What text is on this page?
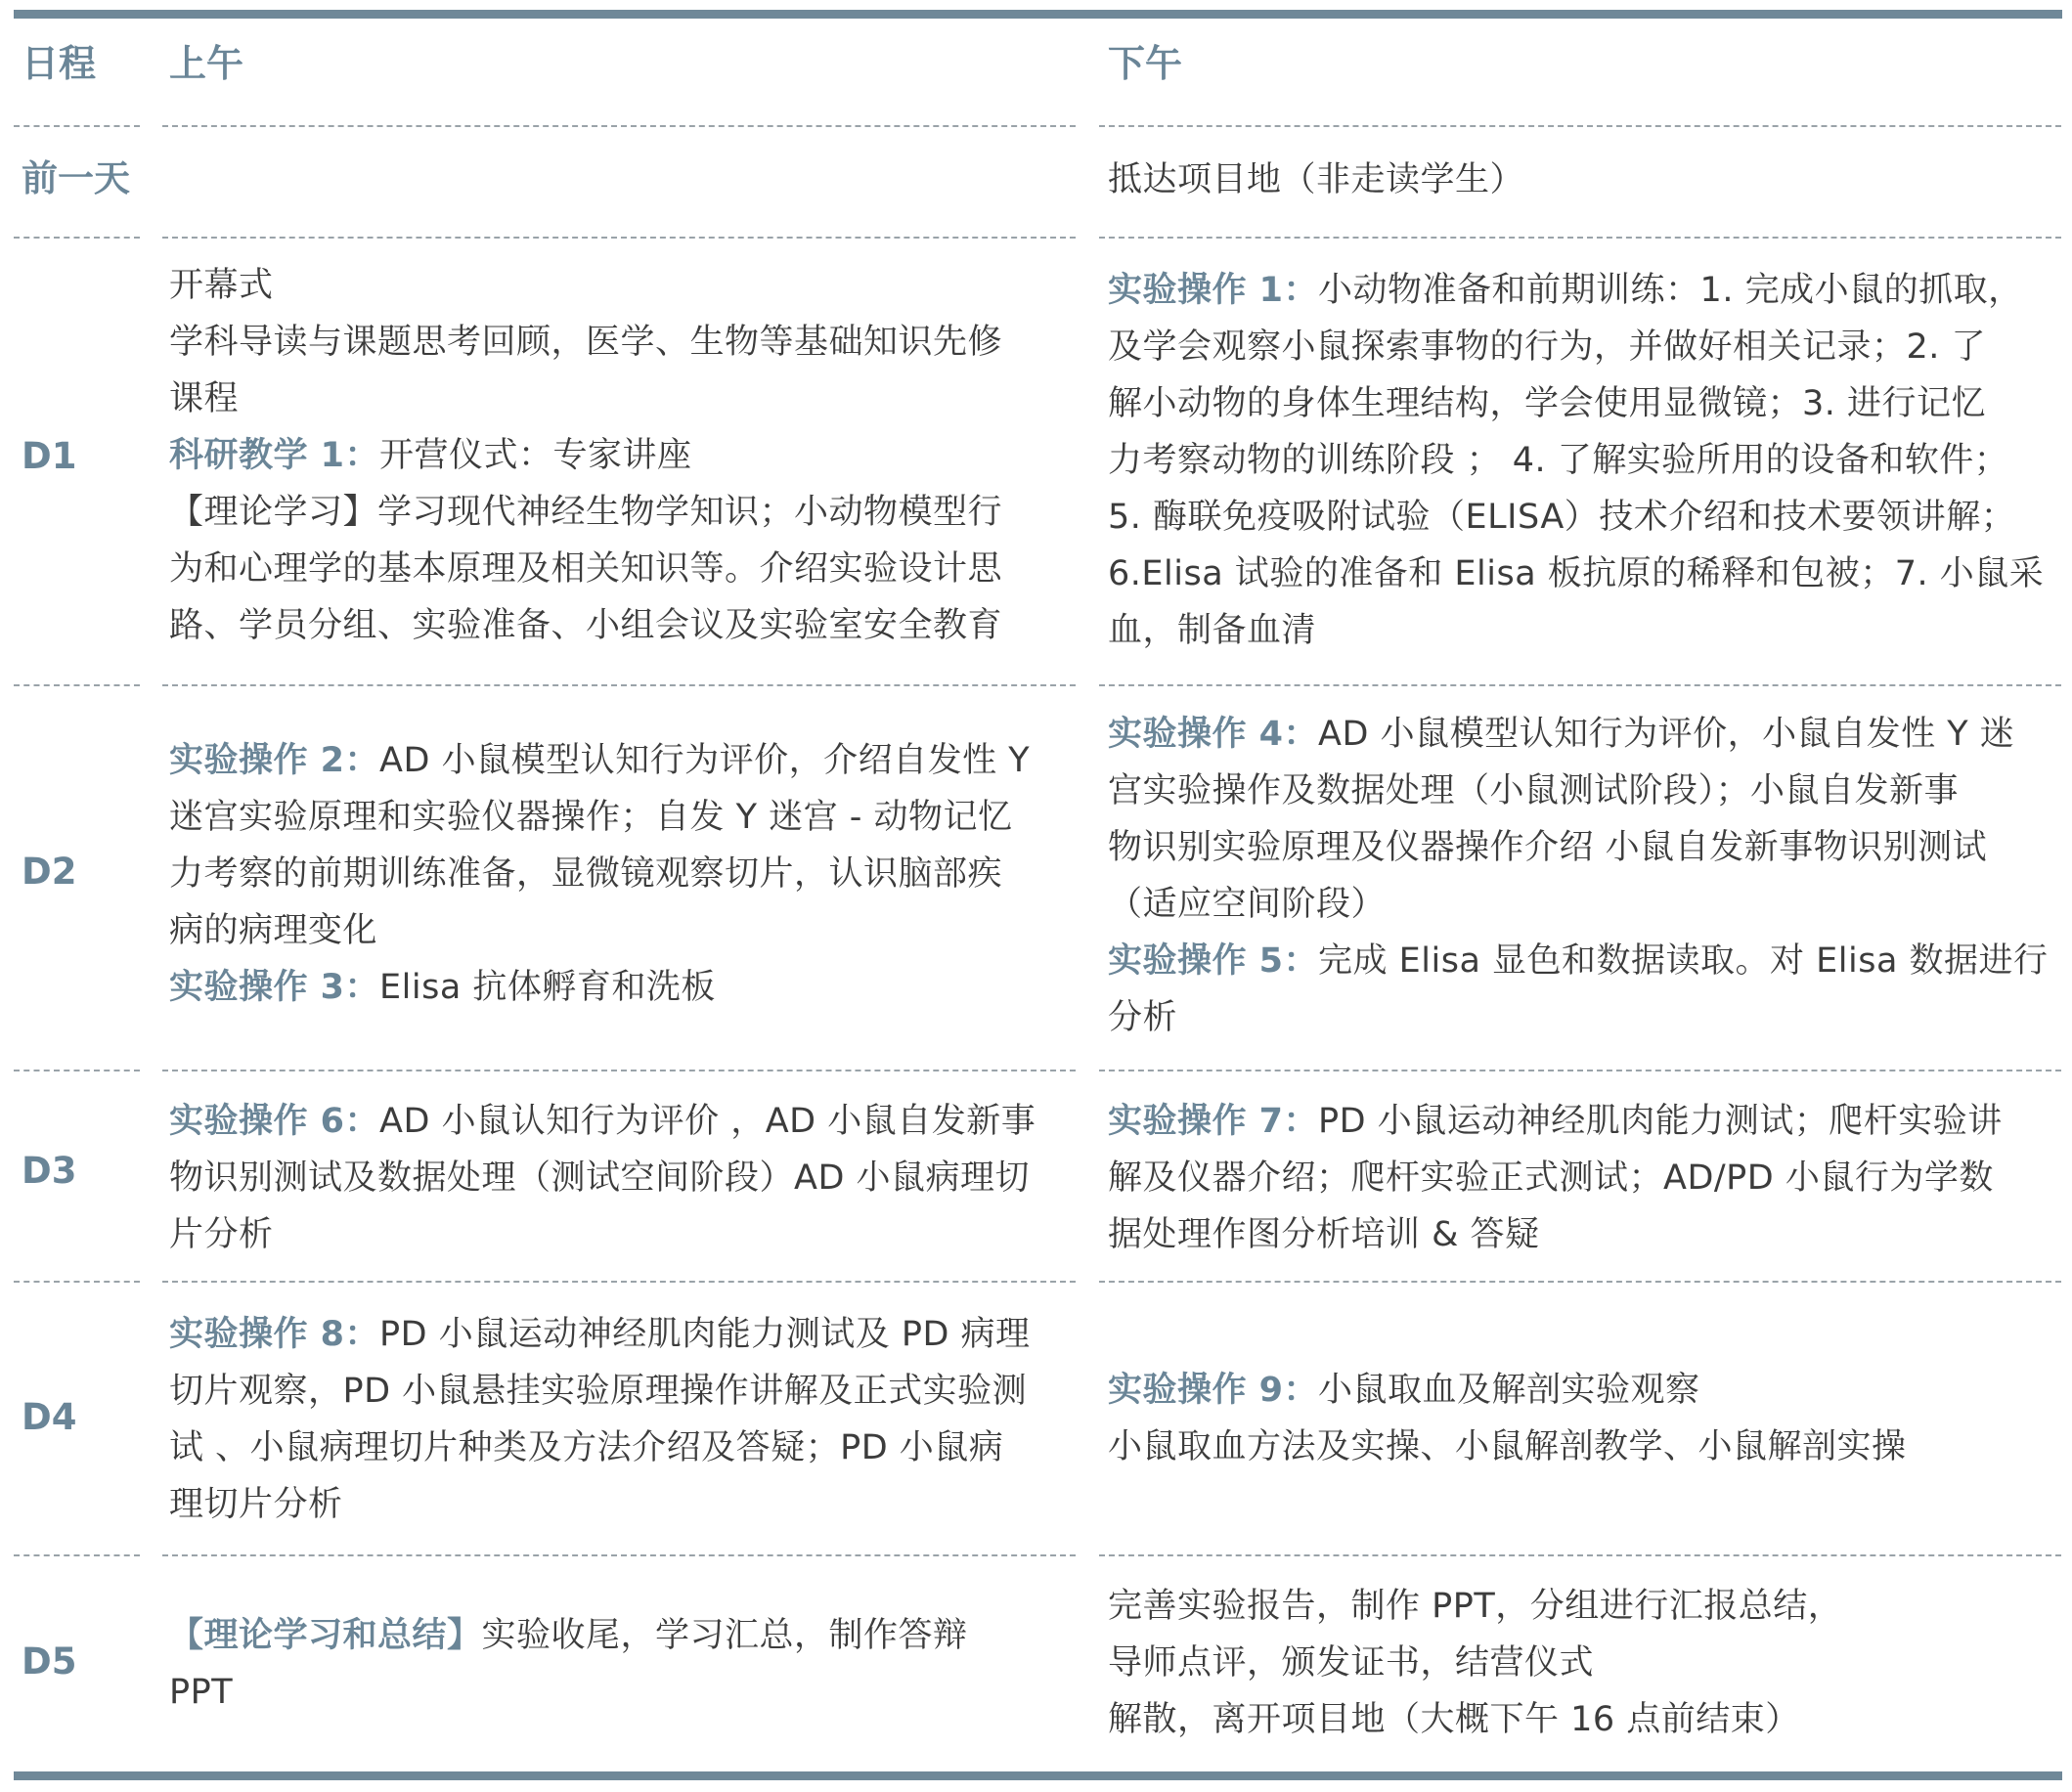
日程 上午	下午
前一天	抵达项目地（非走读学生）
D1
开幕式
学科导读与课题思考回顾，医学、生物等基础知识先修
课程
科研教学 1：开营仪式：专家讲座
【理论学习】学习现代神经生物学知识；小动物模型行
为和心理学的基本原理及相关知识等。介绍实验设计思
路、学员分组、实验准备、小组会议及实验室安全教育
实验操作 1：小动物准备和前期训练：1. 完成小鼠的抓取，
及学会观察小鼠探索事物的行为，并做好相关记录；2. 了
解小动物的身体生理结构，学会使用显微镜；3. 进行记忆
力考察动物的训练阶段 ； 4. 了解实验所用的设备和软件；
5. 酶联免疫吸附试验（ELISA）技术介绍和技术要领讲解；
6.Elisa 试验的准备和 Elisa 板抗原的稀释和包被；7. 小鼠采
血，制备血清
D2
实验操作 2：AD 小鼠模型认知行为评价，介绍自发性 Y
迷宫实验原理和实验仪器操作；自发 Y 迷宫 - 动物记忆
力考察的前期训练准备，显微镜观察切片，认识脑部疾
病的病理变化
实验操作 3：Elisa 抗体孵育和洗板
实验操作 4：AD 小鼠模型认知行为评价，小鼠自发性 Y 迷
宫实验操作及数据处理（小鼠测试阶段）；小鼠自发新事
物识别实验原理及仪器操作介绍 小鼠自发新事物识别测试
（适应空间阶段）
实验操作 5：完成 Elisa 显色和数据读取。对 Elisa 数据进行
分析
D3
实验操作 6：AD 小鼠认知行为评价 ，AD 小鼠自发新事
物识别测试及数据处理（测试空间阶段）AD 小鼠病理切
片分析
实验操作 7：PD 小鼠运动神经肌肉能力测试；爬杆实验讲
解及仪器介绍；爬杆实验正式测试；AD/PD 小鼠行为学数
据处理作图分析培训 & 答疑
D4
实验操作 8：PD 小鼠运动神经肌肉能力测试及 PD 病理
切片观察，PD 小鼠悬挂实验原理操作讲解及正式实验测
试 、小鼠病理切片种类及方法介绍及答疑；PD 小鼠病
理切片分析
实验操作 9：小鼠取血及解剖实验观察
小鼠取血方法及实操、小鼠解剖教学、小鼠解剖实操
D5
【理论学习和总结】实验收尾，学习汇总，制作答辩
PPT
完善实验报告，制作 PPT，分组进行汇报总结，
导师点评，颁发证书，结营仪式
解散，离开项目地（大概下午 16 点前结束）
